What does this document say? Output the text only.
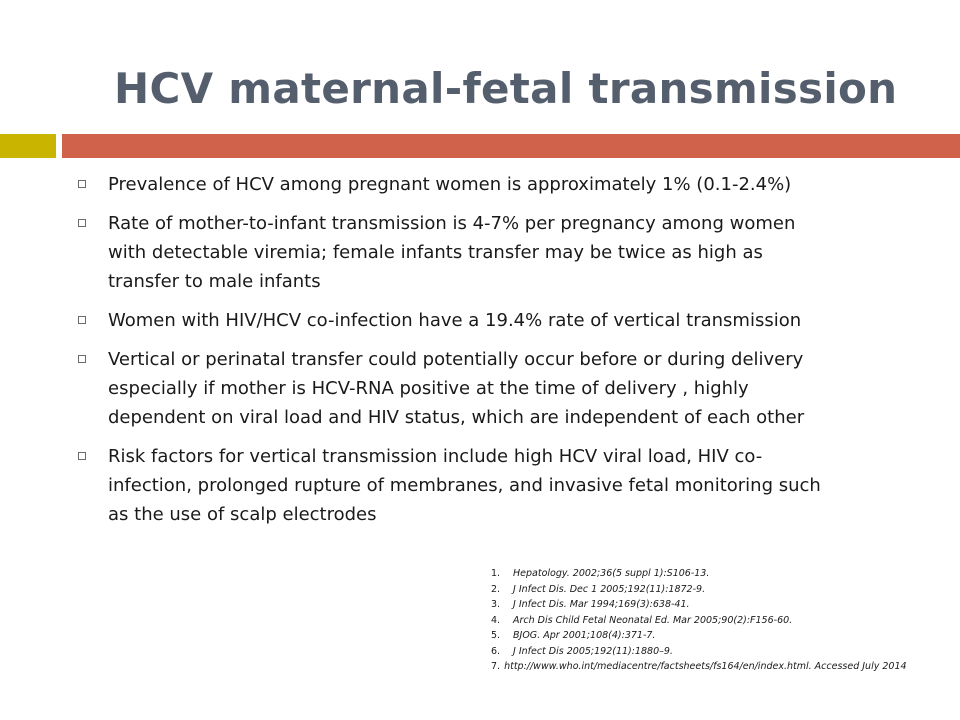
HCV maternal-fetal transmission
Prevalence of HCV among pregnant women is approximately 1% (0.1-2.4%)
Rate of mother-to-infant transmission is 4-7% per pregnancy among women
with detectable viremia; female infants transfer may be twice as high as
transfer to male infants
Women with HIV/HCV co-infection have a 19.4% rate of vertical transmission
Vertical or perinatal transfer could potentially occur before or during delivery
especially if mother is HCV-RNA positive at the time of delivery , highly
dependent on viral load and HIV status, which are independent of each other
Risk factors for vertical transmission include high HCV viral load, HIV co-
infection, prolonged rupture of membranes, and invasive fetal monitoring such
as the use of scalp electrodes
1. Hepatology. 2002;36(5 suppl 1):S106-13.
2. J Infect Dis. Dec 1 2005;192(11):1872-9.
3. J Infect Dis. Mar 1994;169(3):638-41.
4. Arch Dis Child Fetal Neonatal Ed. Mar 2005;90(2):F156-60.
5. BJOG. Apr 2001;108(4):371-7.
6. J Infect Dis 2005;192(11):1880–9.
7. http://www.who.int/mediacentre/factsheets/fs164/en/index.html. Accessed July 2014
